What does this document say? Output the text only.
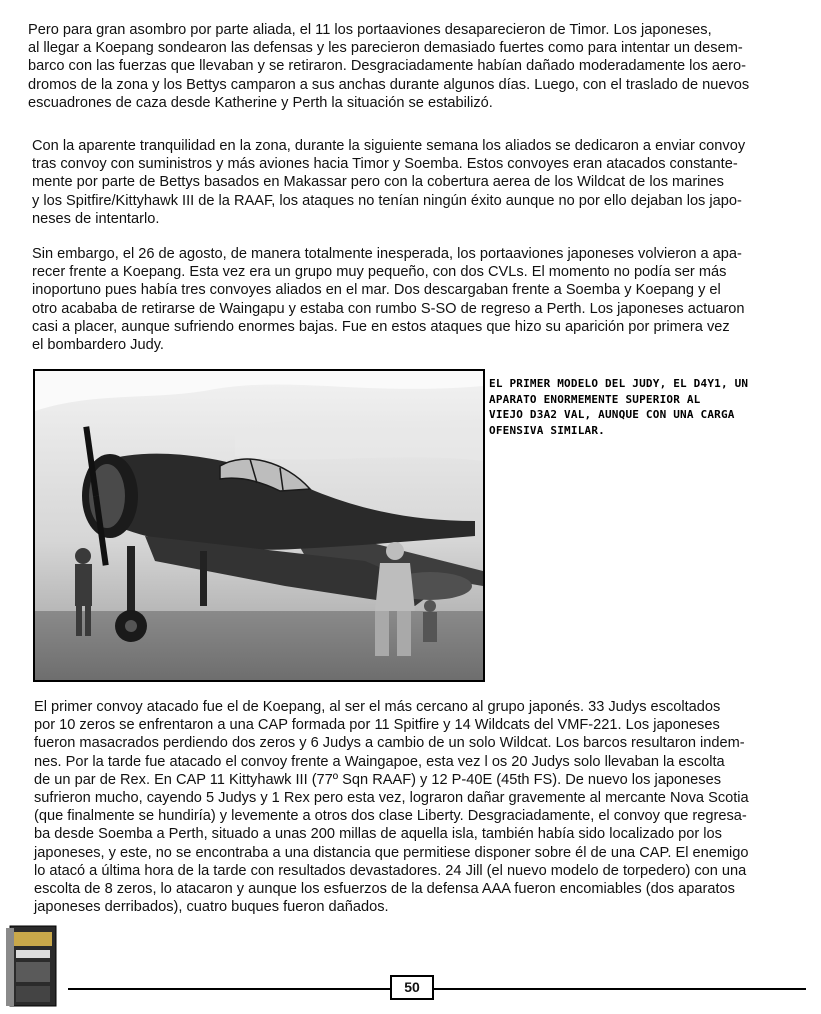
Pero para gran asombro por parte aliada, el 11 los portaaviones desaparecieron de Timor. Los japoneses,
al llegar a Koepang sondearon las defensas y les parecieron demasiado fuertes como para intentar un desem-
barco con las fuerzas que llevaban y se retiraron. Desgraciadamente habían dañado moderadamente los aero-
dromos de la zona y los Bettys camparon a sus anchas durante algunos días. Luego, con el traslado de nuevos
escuadrones de caza desde Katherine y Perth la situación se estabilizó.
Con la aparente tranquilidad en la zona, durante la siguiente semana los aliados se dedicaron a enviar convoy
tras convoy con suministros y más aviones hacia Timor y Soemba. Estos convoyes eran atacados constante-
mente por parte de Bettys basados en Makassar pero con la cobertura aerea de los Wildcat de los marines
y los Spitfire/Kittyhawk III de la RAAF, los ataques no tenían ningún éxito aunque no por ello dejaban los japo-
neses de intentarlo.
Sin embargo, el 26 de agosto, de manera totalmente inesperada, los portaaviones japoneses volvieron a apa-
recer frente a Koepang. Esta vez era un grupo muy pequeño, con dos CVLs. El momento no podía ser más
inoportuno pues había tres convoyes aliados en el mar. Dos descargaban frente a Soemba y Koepang y el
otro acababa de retirarse de Waingapu y estaba con rumbo S-SO de regreso a Perth. Los japoneses actuaron
casi a placer, aunque sufriendo enormes bajas. Fue en estos ataques que hizo su aparición por primera vez
el bombardero Judy.
EL PRIMER MODELO DEL JUDY, EL D4Y1, UN
APARATO ENORMEMENTE SUPERIOR AL
VIEJO D3A2 VAL, AUNQUE CON UNA CARGA
OFENSIVA SIMILAR.
El primer convoy atacado fue el de Koepang, al ser el más cercano al grupo japonés. 33 Judys escoltados
por 10 zeros se enfrentaron a una CAP formada por 11 Spitfire y 14 Wildcats del VMF-221. Los japoneses
fueron masacrados perdiendo dos zeros y 6 Judys a cambio de un solo Wildcat. Los barcos resultaron indem-
nes. Por la tarde fue atacado el convoy frente a Waingapoe, esta vez l os 20 Judys solo llevaban la escolta
de un par de Rex. En CAP 11 Kittyhawk III (77º Sqn RAAF) y 12 P-40E (45th FS). De nuevo los japoneses
sufrieron mucho, cayendo 5 Judys y 1 Rex pero esta vez, lograron dañar gravemente al mercante Nova Scotia
(que finalmente se hundiría) y levemente a otros dos clase Liberty. Desgraciadamente, el convoy que regresa-
ba desde Soemba a Perth, situado a unas 200 millas de aquella isla, también había sido localizado por los
japoneses, y este, no se encontraba a una distancia que permitiese disponer sobre él de una CAP. El enemigo
lo atacó a última hora de la tarde con resultados devastadores. 24 Jill (el nuevo modelo de torpedero) con una
escolta de 8 zeros, lo atacaron y aunque los esfuerzos de la defensa AAA fueron encomiables (dos aparatos
japoneses derribados), cuatro buques fueron dañados.
50
